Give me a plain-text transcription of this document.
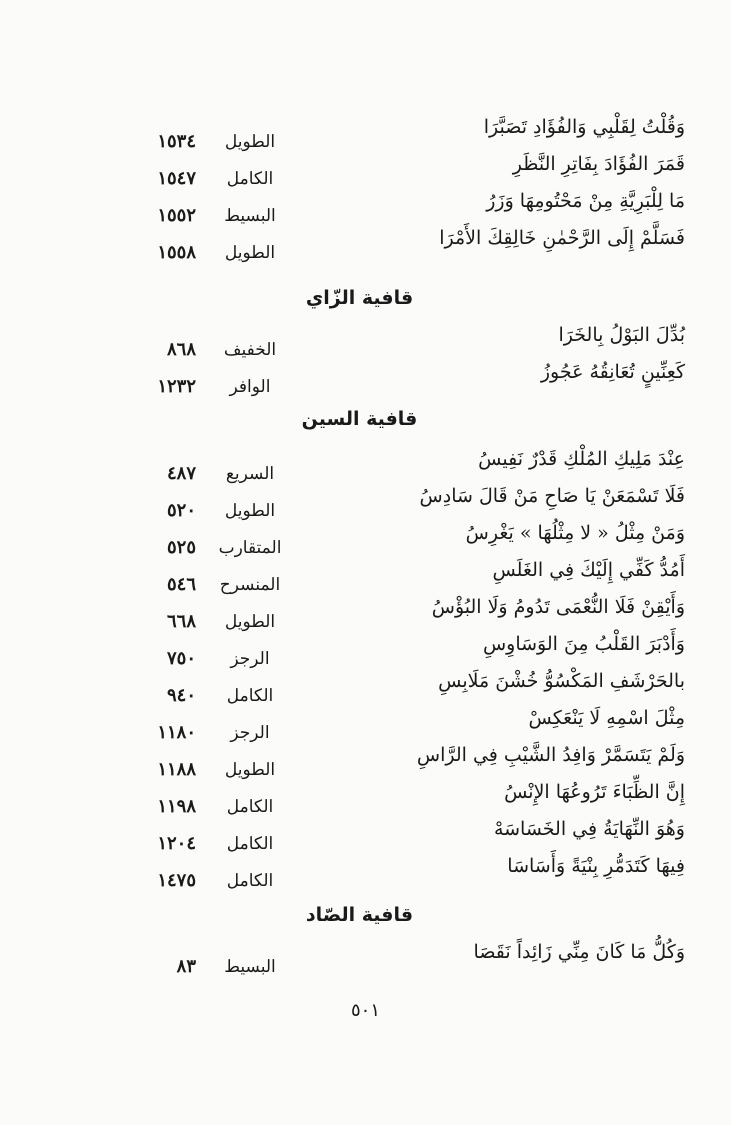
وَقُلْتُ لِقَلْبِي وَالفُؤَادِ تَصَبَّرَا
الطويل
١٥٣٤
قَمَرَ الفُؤَادَ بِفَاتِرِ النَّظَرِ
الكامل
١٥٤٧
مَا لِلْبَرِيَّةِ مِنْ مَحْتُومِهَا وَزَرُ
البسيط
١٥٥٢
فَسَلَّمْ إِلَى الرَّحْمٰنِ خَالِقِكَ الأَمْرَا
الطويل
١٥٥٨
قافية الزّاي
بُدِّلَ البَوْلُ بِالخَرَا
الخفيف
٨٦٨
كَعِنِّينٍ تُعَانِقُهُ عَجُوزُ
الوافر
١٢٣٢
قافية السين
عِنْدَ مَلِيكِ المُلْكِ قَدْرٌ نَفِيسُ
السريع
٤٨٧
فَلَا تَسْمَعَنْ يَا صَاحِ مَنْ قَالَ سَادِسُ
الطويل
٥٢٠
وَمَنْ مِثْلُ « لا مِثْلُهَا » يَغْرِسُ
المتقارب
٥٢٥
أَمُدُّ كَفِّي إِلَيْكَ فِي الغَلَسِ
المنسرح
٥٤٦
وَأَيْقِنْ فَلَا النُّعْمَى تَدُومُ وَلَا البُؤْسُ
الطويل
٦٦٨
وَأَدْبَرَ القَلْبُ مِنَ الوَسَاوِسِ
الرجز
٧٥٠
بالحَرْشَفِ المَكْسُوُّ خُشْنَ مَلَابِسِ
الكامل
٩٤٠
مِثْلَ اسْمِهِ لَا يَنْعَكِسْ
الرجز
١١٨٠
وَلَمْ يَتَسَمَّرْ وَافِدُ الشَّيْبِ فِي الرَّاسِ
الطويل
١١٨٨
إِنَّ الظِّبَاءَ تَرُوعُهَا الإِنْسُ
الكامل
١١٩٨
وَهُوَ النِّهَايَةُ فِي الخَسَاسَهْ
الكامل
١٢٠٤
فِيهَا كَتَدَمُّرِ بِنْيَةً وَأَسَاسَا
الكامل
١٤٧٥
قافية الصّاد
وَكُلُّ مَا كَانَ مِنِّي زَائِداً نَقَصَا
البسيط
٨٣
٥٠١
